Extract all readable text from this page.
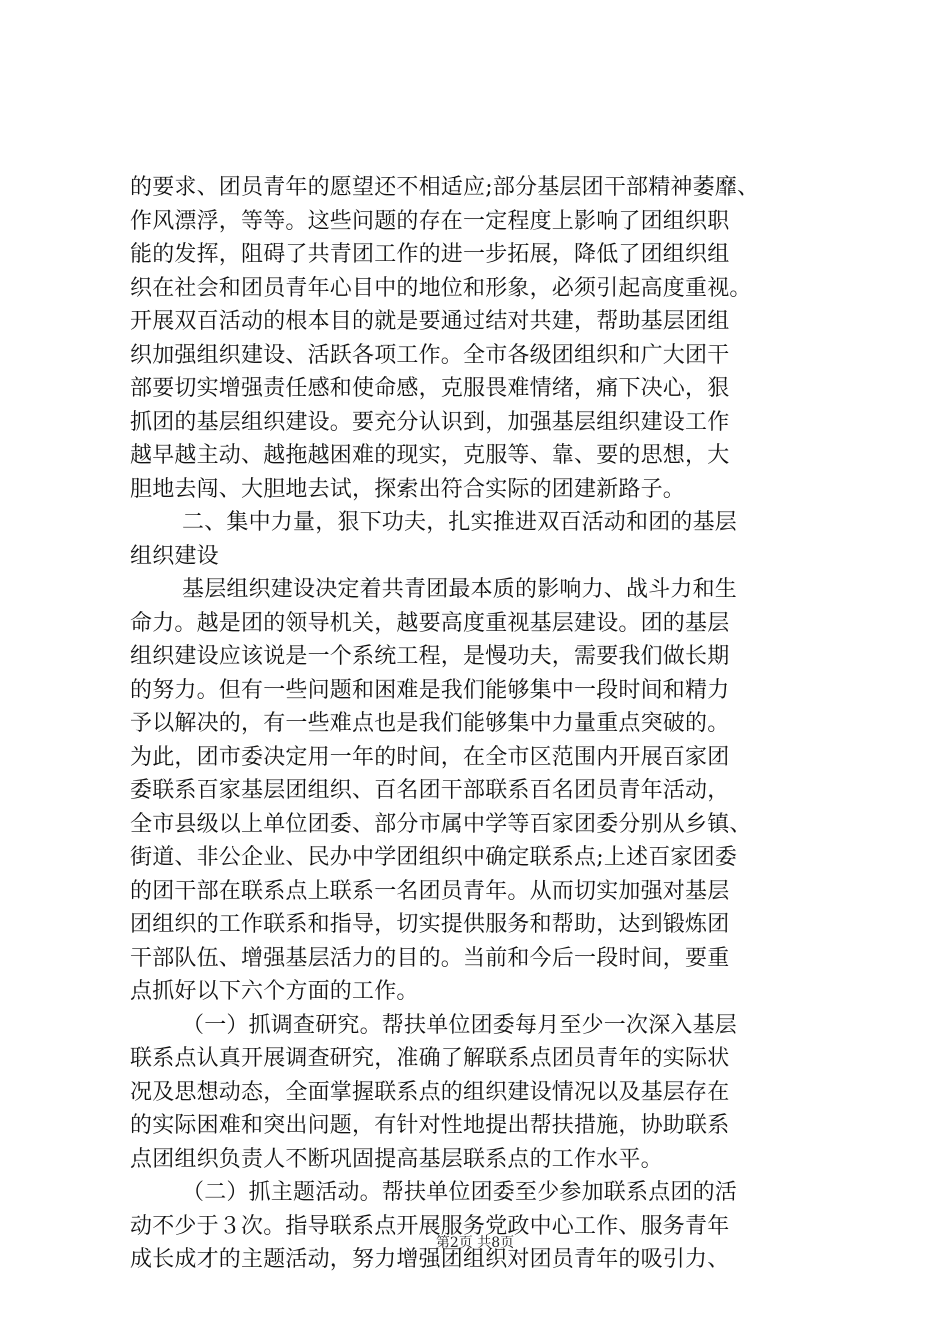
的要求、团员青年的愿望还不相适应;部分基层团干部精神萎靡、
作风漂浮，等等。这些问题的存在一定程度上影响了团组织职
能的发挥，阻碍了共青团工作的进一步拓展，降低了团组织组
织在社会和团员青年心目中的地位和形象，必须引起高度重视。
开展双百活动的根本目的就是要通过结对共建，帮助基层团组
织加强组织建设、活跃各项工作。全市各级团组织和广大团干
部要切实增强责任感和使命感，克服畏难情绪，痛下决心，狠
抓团的基层组织建设。要充分认识到，加强基层组织建设工作
越早越主动、越拖越困难的现实，克服等、靠、要的思想，大
胆地去闯、大胆地去试，探索出符合实际的团建新路子。
二、集中力量，狠下功夫，扎实推进双百活动和团的基层
组织建设
基层组织建设决定着共青团最本质的影响力、战斗力和生
命力。越是团的领导机关，越要高度重视基层建设。团的基层
组织建设应该说是一个系统工程，是慢功夫，需要我们做长期
的努力。但有一些问题和困难是我们能够集中一段时间和精力
予以解决的，有一些难点也是我们能够集中力量重点突破的。
为此，团市委决定用一年的时间，在全市区范围内开展百家团
委联系百家基层团组织、百名团干部联系百名团员青年活动，
全市县级以上单位团委、部分市属中学等百家团委分别从乡镇、
街道、非公企业、民办中学团组织中确定联系点;上述百家团委
的团干部在联系点上联系一名团员青年。从而切实加强对基层
团组织的工作联系和指导，切实提供服务和帮助，达到锻炼团
干部队伍、增强基层活力的目的。当前和今后一段时间，要重
点抓好以下六个方面的工作。
（一）抓调查研究。帮扶单位团委每月至少一次深入基层
联系点认真开展调查研究，准确了解联系点团员青年的实际状
况及思想动态，全面掌握联系点的组织建设情况以及基层存在
的实际困难和突出问题，有针对性地提出帮扶措施，协助联系
点团组织负责人不断巩固提高基层联系点的工作水平。
（二）抓主题活动。帮扶单位团委至少参加联系点团的活
动不少于３次。指导联系点开展服务党政中心工作、服务青年
成长成才的主题活动，努力增强团组织对团员青年的吸引力、
第2页 共8页
